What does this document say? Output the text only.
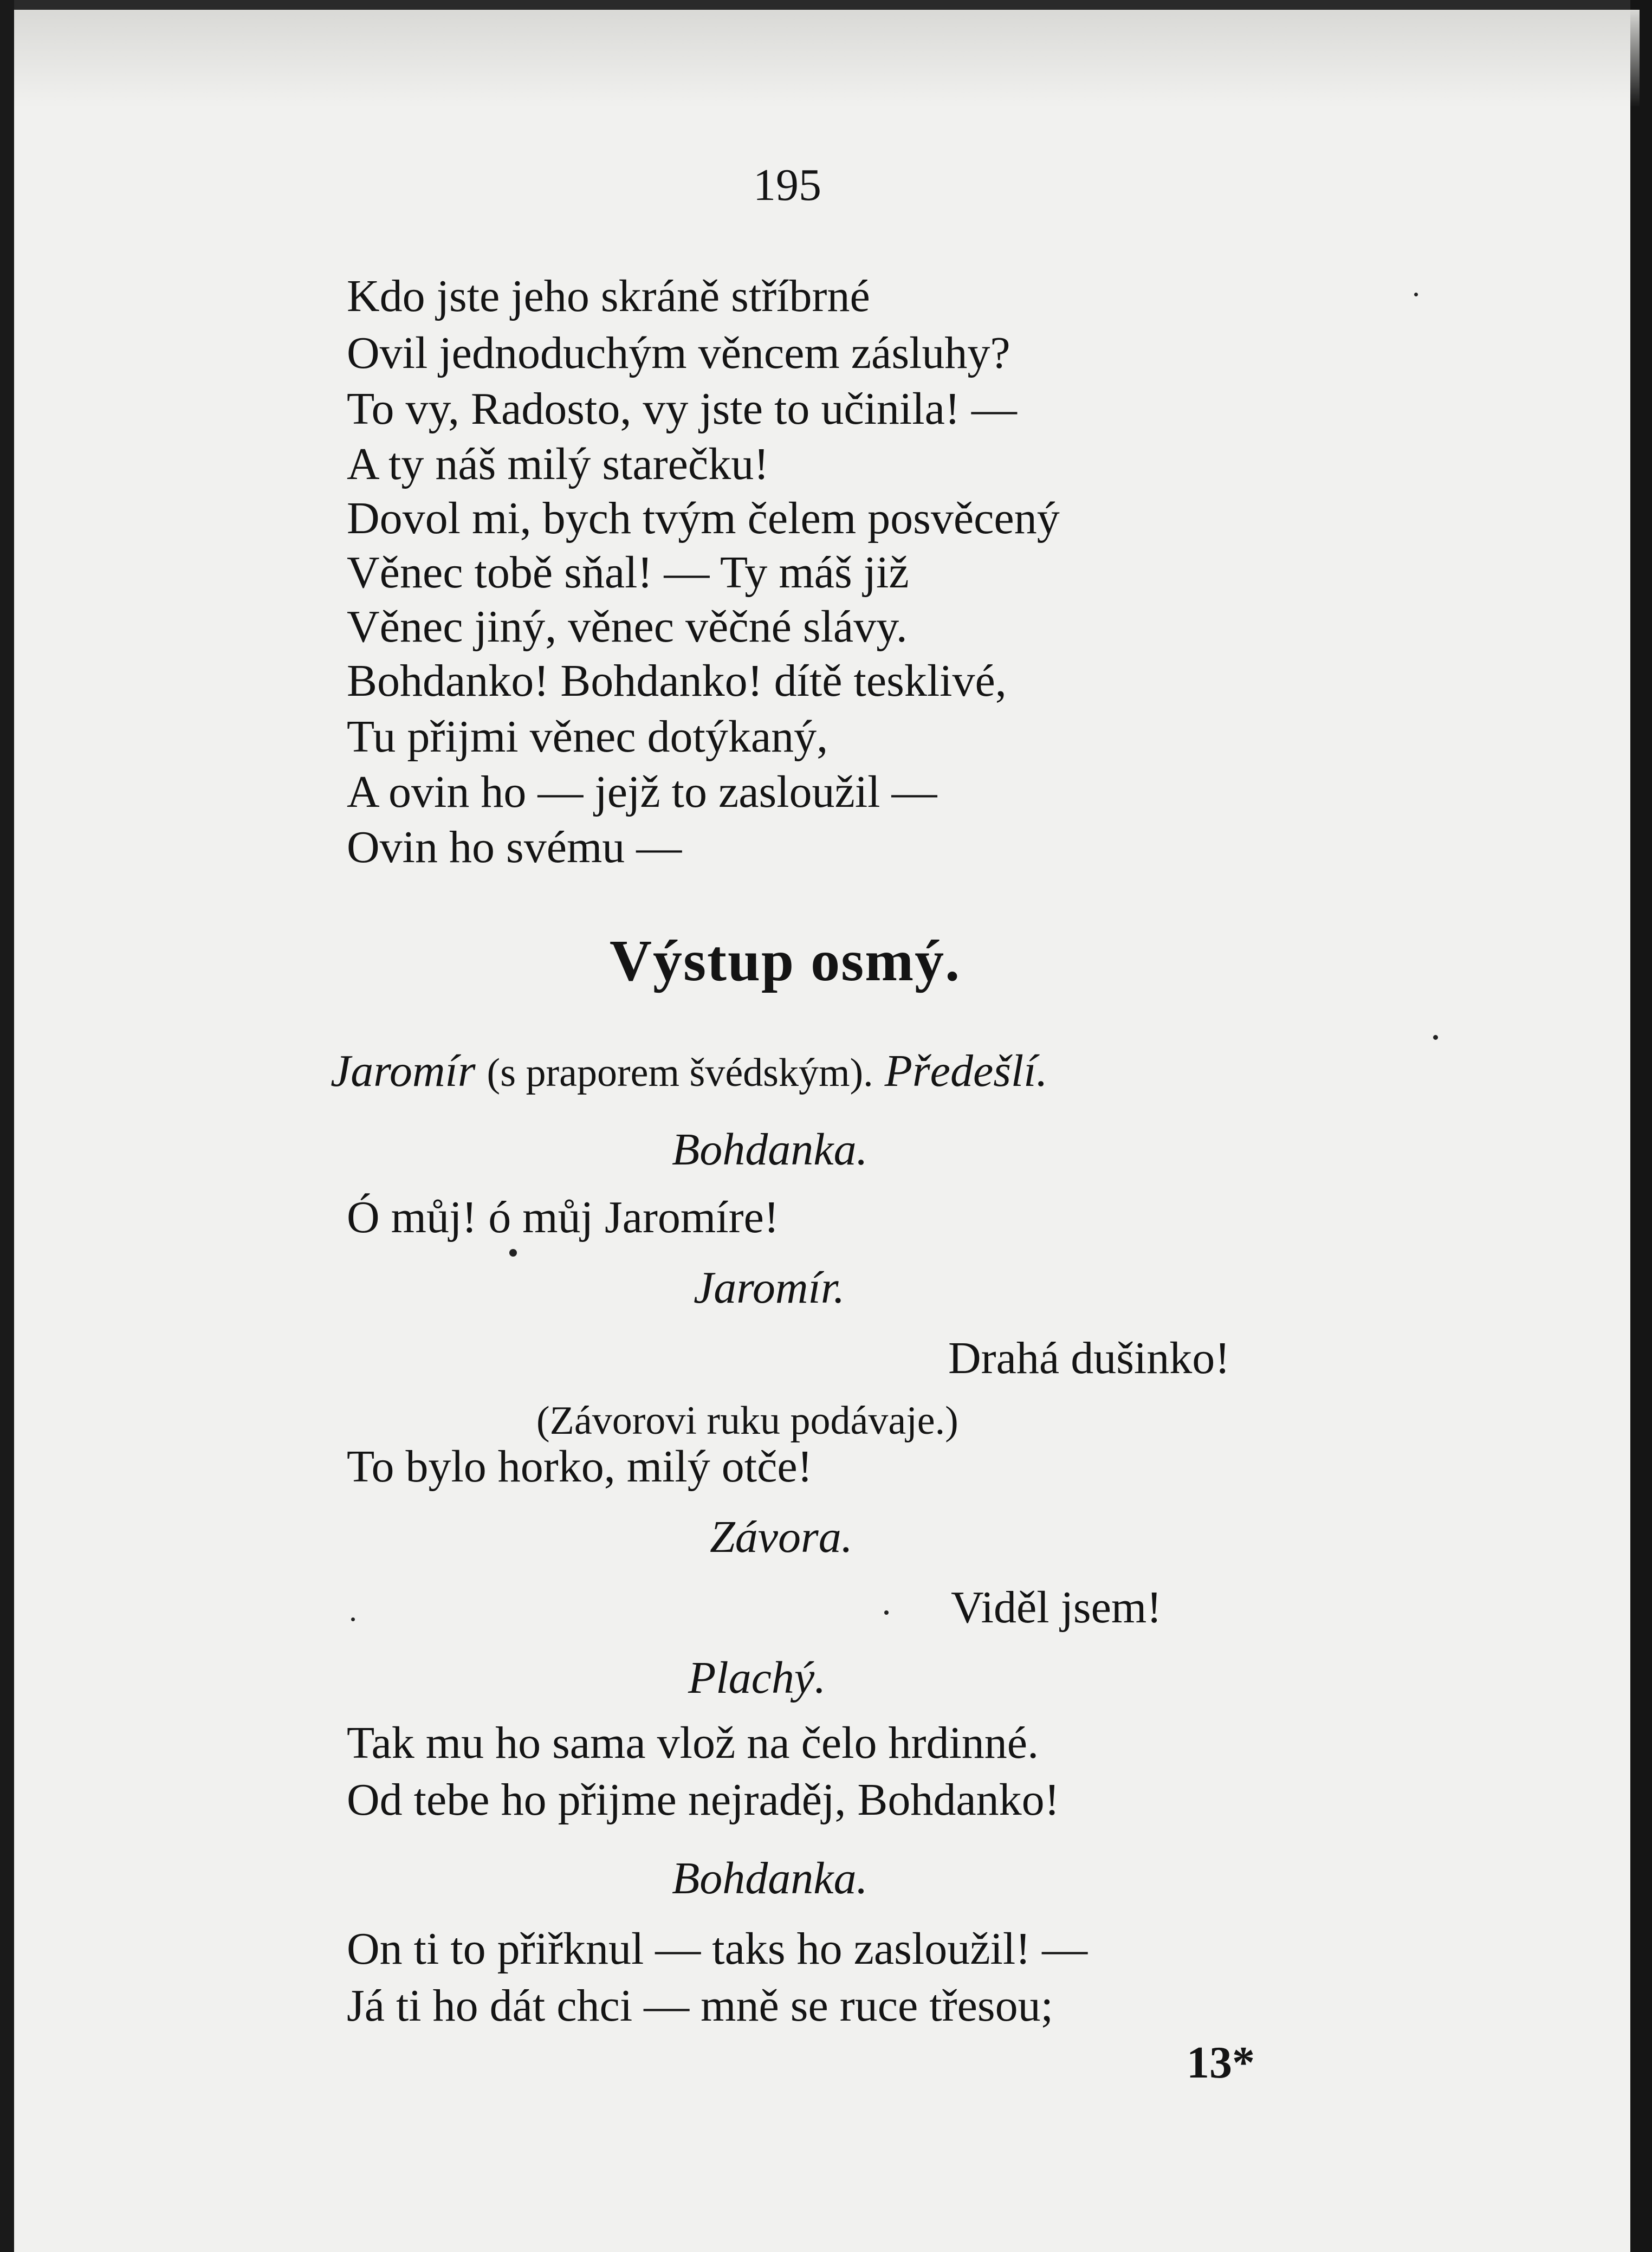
195

Kdo jste jeho skráně stříbrné

Ovil jednoduchým věncem zásluhy?

To vy, Radosto, vy jste to učinila! —

A ty náš milý starečku!

Dovol mi, bych tvým čelem posvěcený

Věnec tobě sňal! — Ty máš již

Věnec jiný, věnec věčné slávy.

Bohdanko! Bohdanko! dítě tesklivé,

Tu přijmi věnec dotýkaný,

A ovin ho — jejž to zasloužil —

Ovin ho svému —

Výstup osmý.

Jaromír (s praporem švédským). Předešlí.

Bohdanka.

Ó můj! ó můj Jaromíre!

Jaromír.

Drahá dušinko!

(Závorovi ruku podávaje.)

To bylo horko, milý otče!

Závora.

Viděl jsem!

Plachý.

Tak mu ho sama vlož na čelo hrdinné.

Od tebe ho přijme nejraděj, Bohdanko!

Bohdanka.

On ti to přiřknul — taks ho zasloužil! —

Já ti ho dát chci — mně se ruce třesou;

13*
